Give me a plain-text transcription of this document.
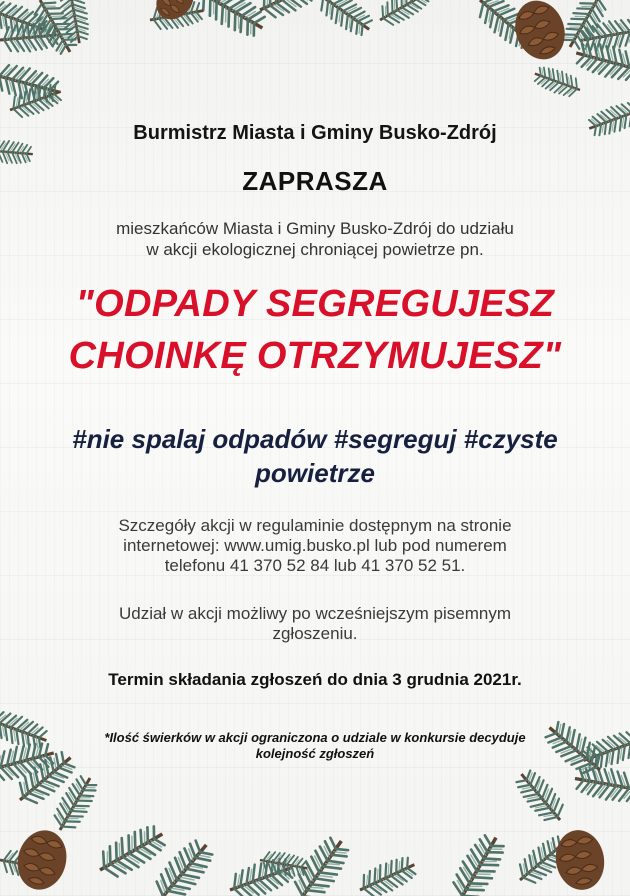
Burmistrz Miasta i Gminy Busko-Zdrój

ZAPRASZA

mieszkańców Miasta i Gminy Busko-Zdrój do udziału
w akcji ekologicznej chroniącej powietrze pn.

"ODPADY SEGREGUJESZ
CHOINKĘ OTRZYMUJESZ"

#nie spalaj odpadów #segreguj #czyste
powietrze

Szczegóły akcji w regulaminie dostępnym na stronie
internetowej: www.umig.busko.pl lub pod numerem
telefonu 41 370 52 84 lub 41 370 52 51.

Udział w akcji możliwy po wcześniejszym pisemnym
zgłoszeniu.

Termin składania zgłoszeń do dnia 3 grudnia 2021r.

*Ilość świerków w akcji ograniczona o udziale w konkursie decyduje
kolejność zgłoszeń
